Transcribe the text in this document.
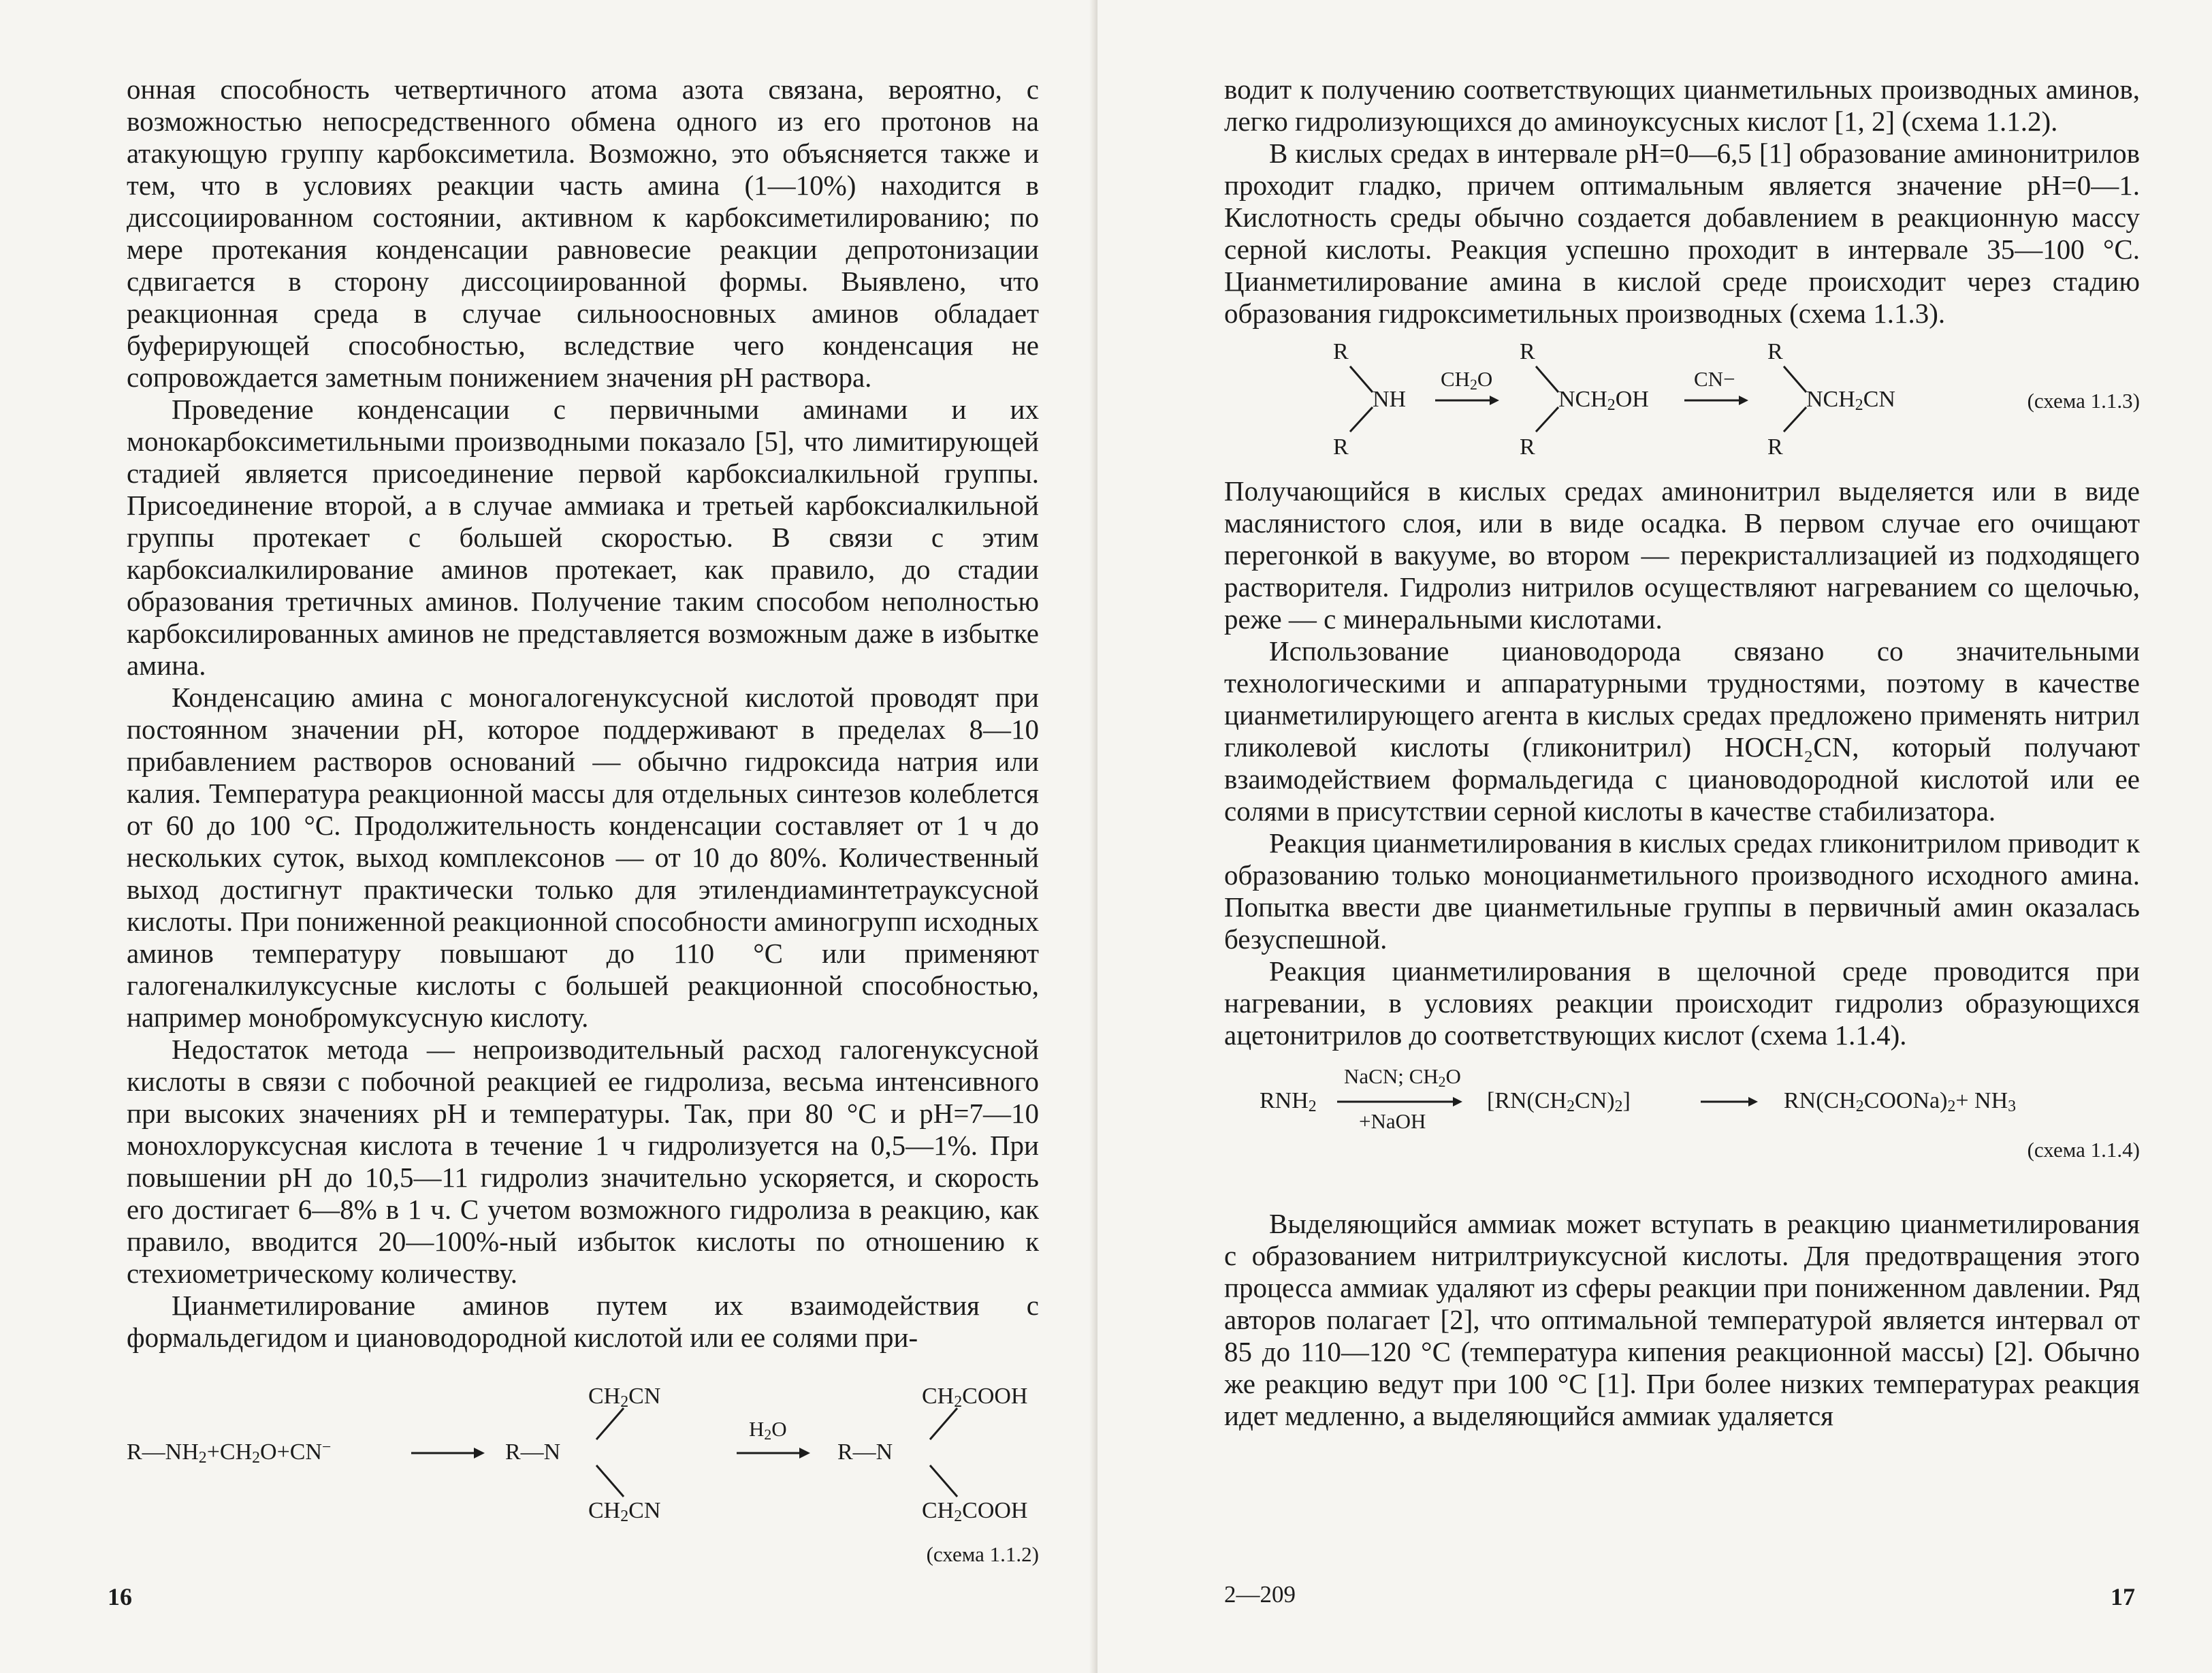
онная способность четвертичного атома азота связана, вероятно, с возможностью непосредственного обмена одного из его протонов на атакующую группу карбоксиметила. Возможно, это объясняется также и тем, что в условиях реакции часть амина (1—10%) находится в диссоциированном состоянии, активном к карбоксиметилированию; по мере протекания конденсации равновесие реакции депротонизации сдвигается в сторону диссоциированной формы. Выявлено, что реакционная среда в случае сильноосновных аминов обладает буферирующей способностью, вследствие чего конденсация не сопровождается заметным понижением значения pH раствора.

Проведение конденсации с первичными аминами и их монокарбоксиметильными производными показало [5], что лимитирующей стадией является присоединение первой карбоксиалкильной группы. Присоединение второй, а в случае аммиака и третьей карбоксиалкильной группы протекает с большей скоростью. В связи с этим карбоксиалкилирование аминов протекает, как правило, до стадии образования третичных аминов. Получение таким способом неполностью карбоксилированных аминов не представляется возможным даже в избытке амина.

Конденсацию амина с моногалогенуксусной кислотой проводят при постоянном значении pH, которое поддерживают в пределах 8—10 прибавлением растворов оснований — обычно гидроксида натрия или калия. Температура реакционной массы для отдельных синтезов колеблется от 60 до 100 °С. Продолжительность конденсации составляет от 1 ч до нескольких суток, выход комплексонов — от 10 до 80%. Количественный выход достигнут практически только для этилендиаминтетрауксусной кислоты. При пониженной реакционной способности аминогрупп исходных аминов температуру повышают до 110 °С или применяют галогеналкилуксусные кислоты с большей реакционной способностью, например монобромуксусную кислоту.

Недостаток метода — непроизводительный расход галогенуксусной кислоты в связи с побочной реакцией ее гидролиза, весьма интенсивного при высоких значениях pH и температуры. Так, при 80 °С и pH=7—10 монохлоруксусная кислота в течение 1 ч гидролизуется на 0,5—1%. При повышении pH до 10,5—11 гидролиз значительно ускоряется, и скорость его достигает 6—8% в 1 ч. С учетом возможного гидролиза в реакцию, как правило, вводится 20—100%-ный избыток кислоты по отношению к стехиометрическому количеству.

Цианметилирование аминов путем их взаимодействия с формальдегидом и циановодородной кислотой или ее солями при-

$R—NH_2+CH_2O+CN^-$	R—N
$CH_2CN$
$CH_2CN$
$H_2O$
R—N
$CH_2COOH$
$CH_2COOH$
(схема 1.1.2)
16

водит к получению соответствующих цианметильных производных аминов, легко гидролизующихся до аминоуксусных кислот [1, 2] (схема 1.1.2).

В кислых средах в интервале pH=0—6,5 [1] образование аминонитрилов проходит гладко, причем оптимальным является значение pH=0—1. Кислотность среды обычно создается добавлением в реакционную массу серной кислоты. Реакция успешно проходит в интервале 35—100 °С. Цианметилирование амина в кислой среде происходит через стадию образования гидроксиметильных производных (схема 1.1.3).

R
R
NH
$CH_2O$
R
R
$NCH_2OH$
CN−
R
R
$NCH_2CN$	(схема 1.1.3)

Получающийся в кислых средах аминонитрил выделяется или в виде маслянистого слоя, или в виде осадка. В первом случае его очищают перегонкой в вакууме, во втором — перекристаллизацией из подходящего растворителя. Гидролиз нитрилов осуществляют нагреванием со щелочью, реже — с минеральными кислотами.

Использование циановодорода связано со значительными технологическими и аппаратурными трудностями, поэтому в качестве цианметилирующего агента в кислых средах предложено применять нитрил гликолевой кислоты (гликонитрил) HOCH₂CN, который получают взаимодействием формальдегида с циановодородной кислотой или ее солями в присутствии серной кислоты в качестве стабилизатора.

Реакция цианметилирования в кислых средах гликонитрилом приводит к образованию только моноцианметильного производного исходного амина. Попытка ввести две цианметильные группы в первичный амин оказалась безуспешной.

Реакция цианметилирования в щелочной среде проводится при нагревании, в условиях реакции происходит гидролиз образующихся ацетонитрилов до соответствующих кислот (схема 1.1.4).

$RNH_2$
NaCN; $CH_2O$
+NaOH
$[RN(CH_2CN)_2]$	$RN(CH_2COONa)_2+ NH_3$
(схема 1.1.4)

Выделяющийся аммиак может вступать в реакцию цианметилирования с образованием нитрилтриуксусной кислоты. Для предотвращения этого процесса аммиак удаляют из сферы реакции при пониженном давлении. Ряд авторов полагает [2], что оптимальной температурой является интервал от 85 до 110—120 °С (температура кипения реакционной массы) [2]. Обычно же реакцию ведут при 100 °С [1]. При более низких температурах реакция идет медленно, а выделяющийся аммиак удаляется

2—209	17
